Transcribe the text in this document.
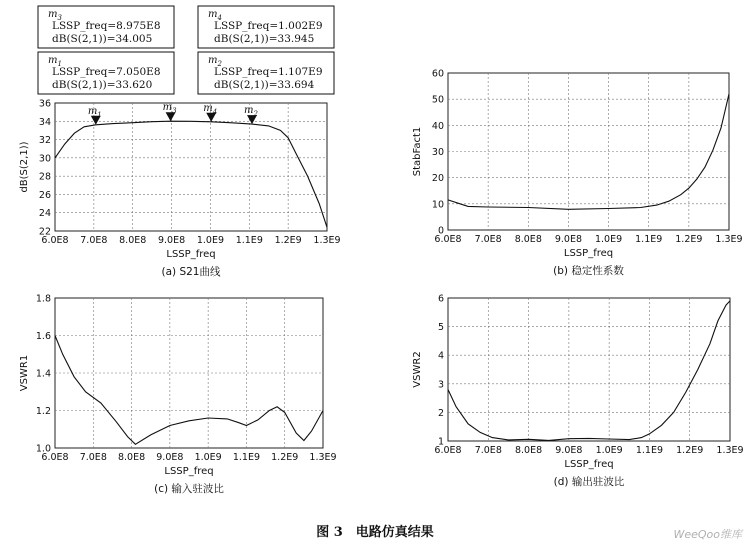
$m_3$
LSSP_freq=8.975E8
dB(S(2,1))=34.005
$m_4$
LSSP_freq=1.002E9
dB(S(2,1))=33.945
$m_1$
LSSP_freq=7.050E8
dB(S(2,1))=33.620
$m_2$
LSSP_freq=1.107E9
dB(S(2,1))=33.694
6.0E8 7.0E8 8.0E8 9.0E8 1.0E9 1.1E9 1.2E9 1.3E9
22
24
26
28
30
32
34
36
LSSP_freq
dB(S(2,1))
(a) S21曲线
$m_1$
$m_3$	$m_4$	$m_2$
6.0E8 7.0E8 8.0E8 9.0E8 1.0E9 1.1E9 1.2E9 1.3E9
0
10
20
30
40
50
60
LSSP_freq
StabFact1
(b) 稳定性系数
6.0E8 7.0E8 8.0E8 9.0E8 1.0E9 1.1E9 1.2E9 1.3E9
1.0
1.2
1.4
1.6
1.8
LSSP_freq
VSWR1
(c) 输入驻波比
6.0E8 7.0E8 8.0E8 9.0E8 1.0E9 1.1E9 1.2E9 1.3E9
1
2
3
4
5
6
LSSP_freq
VSWR2
(d) 输出驻波比
图 3　电路仿真结果	WeeQoo维库
